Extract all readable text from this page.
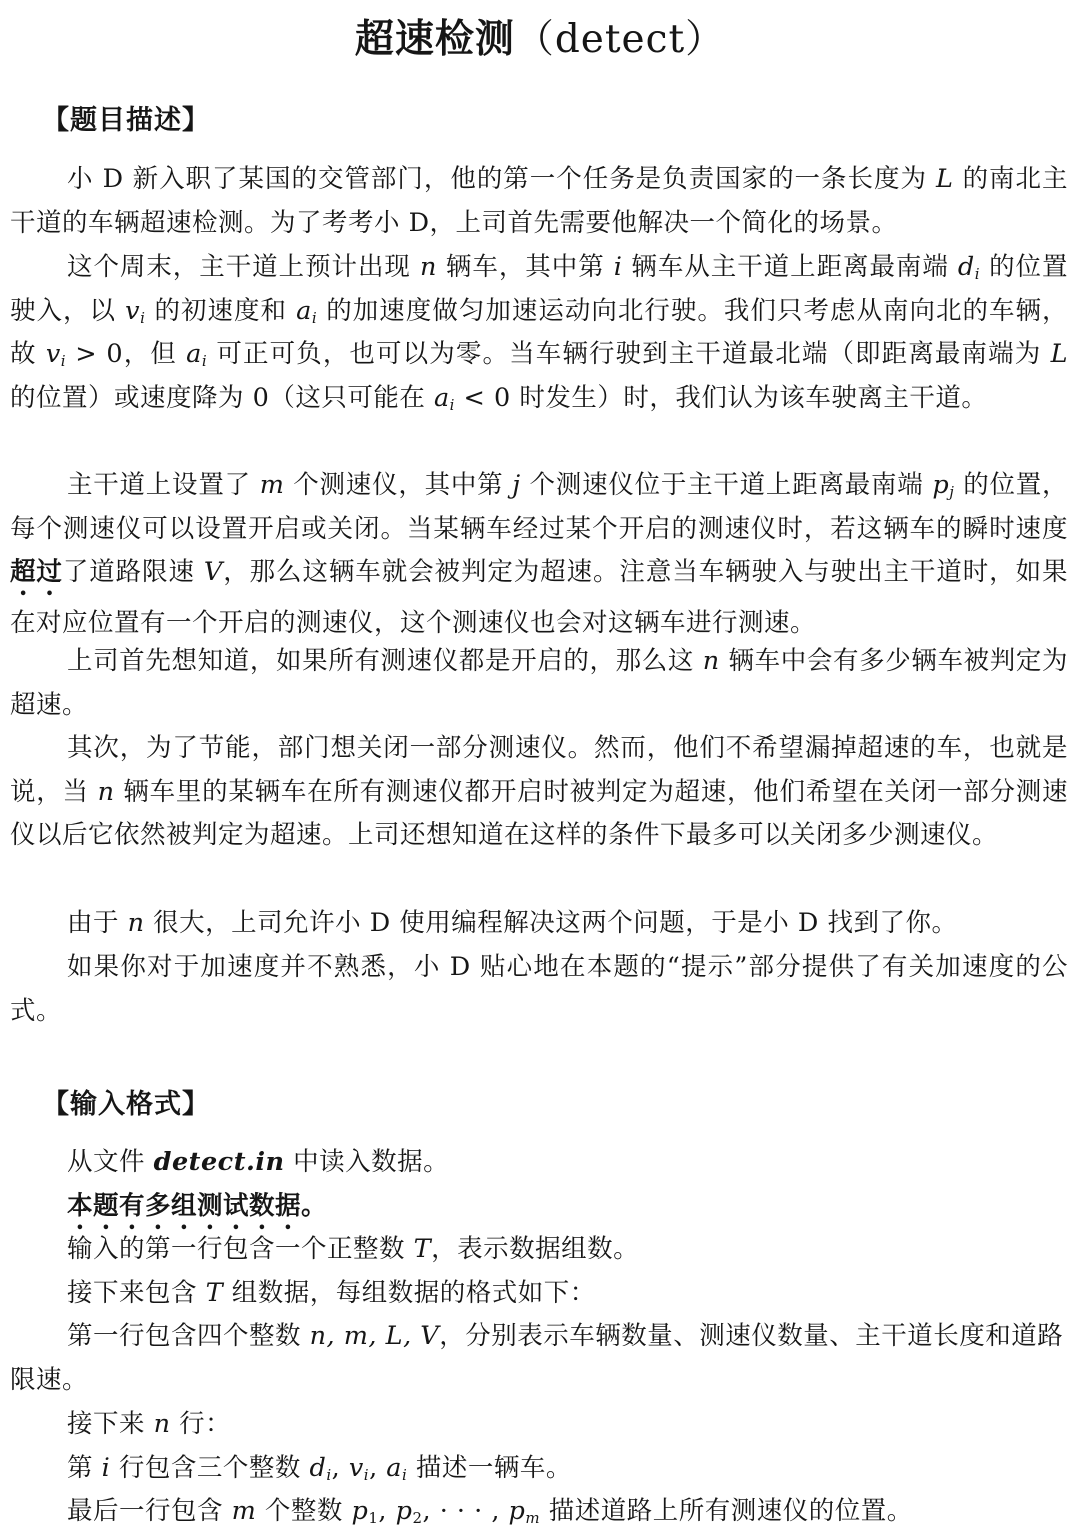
超速检测（detect）
【题目描述】
小 D 新入职了某国的交管部门，他的第一个任务是负责国家的一条长度为 L 的南北主干道的车辆超速检测。为了考考小 D，上司首先需要他解决一个简化的场景。
这个周末，主干道上预计出现 n 辆车，其中第 i 辆车从主干道上距离最南端 $d_i$ 的位置驶入，以 $v_i$ 的初速度和 $a_i$ 的加速度做匀加速运动向北行驶。我们只考虑从南向北的车辆，故 $v_i > 0$，但 $a_i$ 可正可负，也可以为零。当车辆行驶到主干道最北端（即距离最南端为 L 的位置）或速度降为 0（这只可能在 $a_i < 0$ 时发生）时，我们认为该车驶离主干道。
主干道上设置了 m 个测速仪，其中第 j 个测速仪位于主干道上距离最南端 $p_j$ 的位置，每个测速仪可以设置开启或关闭。当某辆车经过某个开启的测速仪时，若这辆车的瞬时速度超过了道路限速 V，那么这辆车就会被判定为超速。注意当车辆驶入与驶出主干道时，如果在对应位置有一个开启的测速仪，这个测速仪也会对这辆车进行测速。
上司首先想知道，如果所有测速仪都是开启的，那么这 n 辆车中会有多少辆车被判定为超速。
其次，为了节能，部门想关闭一部分测速仪。然而，他们不希望漏掉超速的车，也就是说，当 n 辆车里的某辆车在所有测速仪都开启时被判定为超速，他们希望在关闭一部分测速仪以后它依然被判定为超速。上司还想知道在这样的条件下最多可以关闭多少测速仪。
由于 n 很大，上司允许小 D 使用编程解决这两个问题，于是小 D 找到了你。
如果你对于加速度并不熟悉，小 D 贴心地在本题的“提示”部分提供了有关加速度的公式。
【输入格式】
从文件 detect.in 中读入数据。
本题有多组测试数据。
输入的第一行包含一个正整数 T，表示数据组数。
接下来包含 T 组数据，每组数据的格式如下：
第一行包含四个整数 n, m, L, V，分别表示车辆数量、测速仪数量、主干道长度和道路限速。
接下来 n 行：
第 i 行包含三个整数 $d_i$, $v_i$, $a_i$ 描述一辆车。
最后一行包含 m 个整数 $p_1$, $p_2$, · · · , $p_m$ 描述道路上所有测速仪的位置。
